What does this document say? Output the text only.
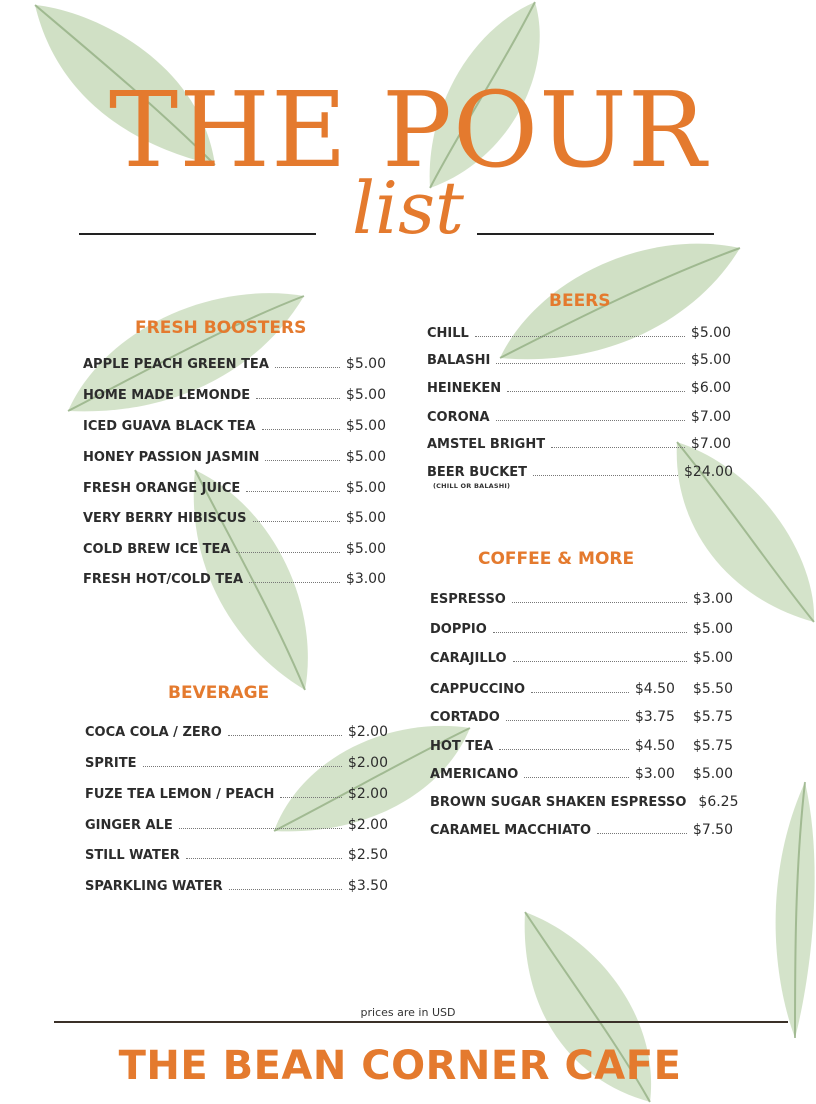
THE POUR
list
FRESH BOOSTERS
APPLE PEACH GREEN TEA	$5.00
HOME MADE LEMONDE	$5.00
ICED GUAVA BLACK TEA	$5.00
HONEY PASSION JASMIN	$5.00
FRESH ORANGE JUICE	$5.00
VERY BERRY HIBISCUS	$5.00
COLD BREW ICE TEA	$5.00
FRESH HOT/COLD TEA	$3.00
BEVERAGE
COCA COLA / ZERO	$2.00
SPRITE	$2.00
FUZE TEA LEMON / PEACH	$2.00
GINGER ALE	$2.00
STILL WATER	$2.50
SPARKLING WATER	$3.50
BEERS
CHILL	$5.00
BALASHI	$5.00
HEINEKEN	$6.00
CORONA	$7.00
AMSTEL BRIGHT	$7.00
BEER BUCKET	$24.00
(CHILL OR BALASHI)
COFFEE & MORE
ESPRESSO	$3.00
DOPPIO	$5.00
CARAJILLO	$5.00
CAPPUCCINO	$4.50 $5.50
CORTADO	$3.75 $5.75
HOT TEA	$4.50 $5.75
AMERICANO	$3.00 $5.00
BROWN SUGAR SHAKEN ESPRESSO $6.25
CARAMEL MACCHIATO	$7.50
prices are in USD
THE BEAN CORNER CAFE
